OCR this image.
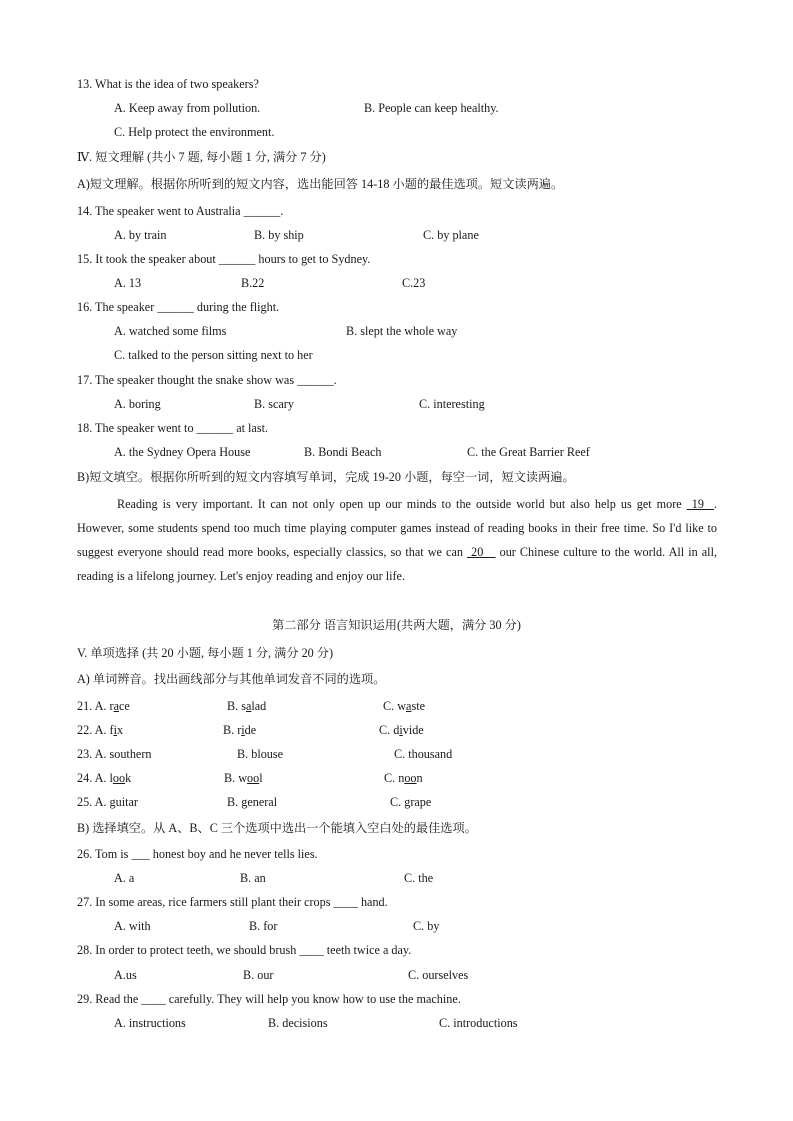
13. What is the idea of two speakers?
A. Keep away from pollution.	B. People can keep healthy.
C. Help protect the environment.
Ⅳ. 短文理解 (共小 7 题, 每小题 1 分, 满分 7 分)
A)短文理解。根据你所听到的短文内容，选出能回答 14-18 小题的最佳选项。短文读两遍。
14. The speaker went to Australia ______.
A. by train	B. by ship	C. by plane
15. It took the speaker about ______ hours to get to Sydney.
A. 13	B.22	C.23
16. The speaker ______ during the flight.
A. watched some films	B. slept the whole way
C. talked to the person sitting next to her
17. The speaker thought the snake show was ______.
A. boring	B. scary	C. interesting
18. The speaker went to ______ at last.
A. the Sydney Opera House	B. Bondi Beach	C. the Great Barrier Reef
B)短文填空。根据你所听到的短文内容填写单词，完成 19-20 小题，每空一词，短文读两遍。
Reading is very important. It can not only open up our minds to the outside world but also help us get more  19 . However, some students spend too much time playing computer games instead of reading books in their free time. So I'd like to suggest everyone should read more books, especially classics, so that we can  20    our Chinese culture to the world. All in all, reading is a lifelong journey. Let's enjoy reading and enjoy our life.
第二部分 语言知识运用(共两大题，满分 30 分)
V. 单项选择 (共 20 小题, 每小题 1 分, 满分 20 分)
A) 单词辨音。找出画线部分与其他单词发音不同的选项。
21. A. race	B. salad	C. waste
22. A. fix	B. ride	C. divide
23. A. southern	B. blouse	C. thousand
24. A. look	B. wool	C. noon
25. A. guitar	B. general	C. grape
B) 选择填空。从 A、B、C 三个选项中选出一个能填入空白处的最佳选项。
26. Tom is ___ honest boy and he never tells lies.
A. a	B. an	C. the
27. In some areas, rice farmers still plant their crops ____ hand.
A. with	B. for	C. by
28. In order to protect teeth, we should brush ____ teeth twice a day.
A.us	B. our	C. ourselves
29. Read the ____ carefully. They will help you know how to use the machine.
A. instructions	B. decisions	C. introductions
